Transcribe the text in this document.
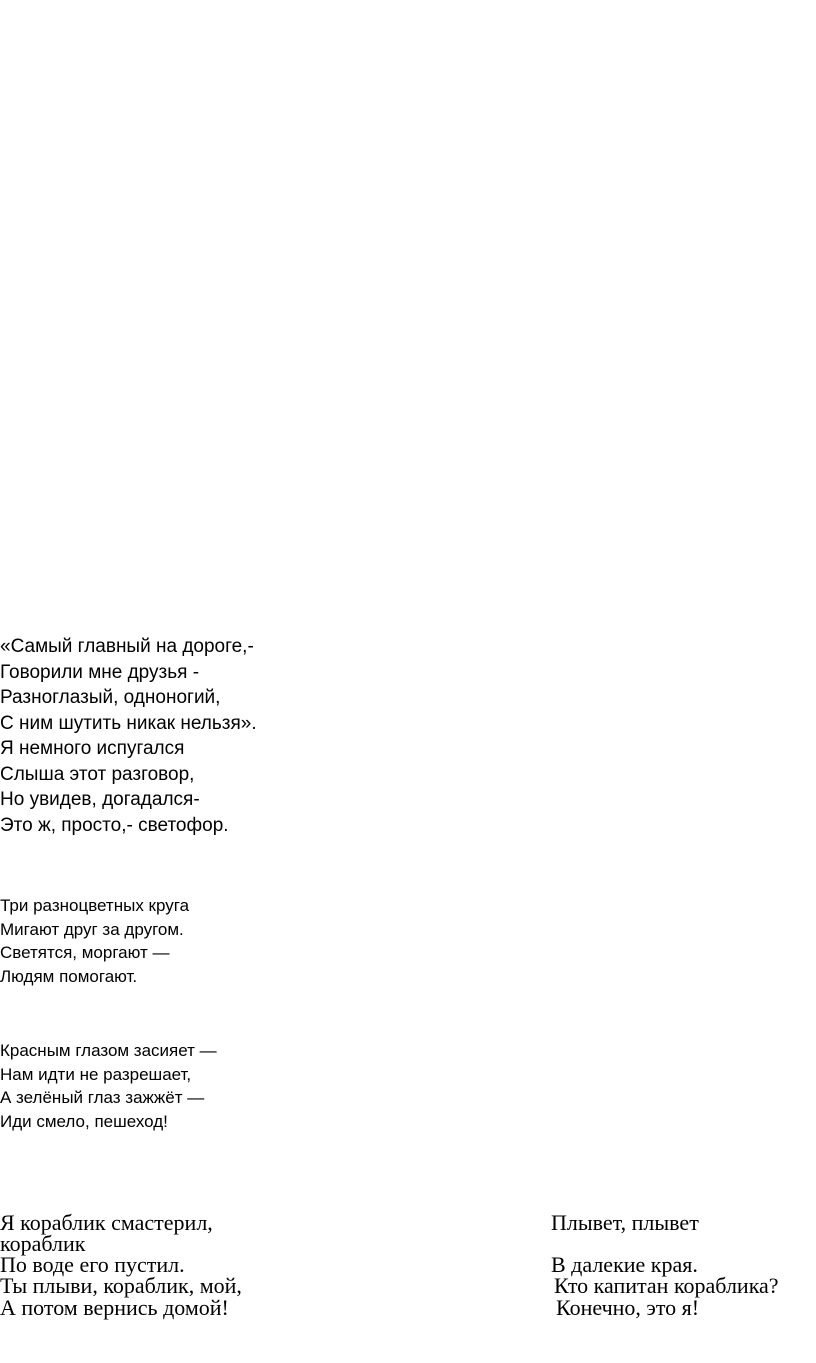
«Самый главный на дороге,-
Говорили мне друзья -
Разноглазый, одноногий,
С ним шутить никак нельзя».
Я немного испугался
Слыша этот разговор,
Но увидев, догадался-
Это ж, просто,- светофор.
Три разноцветных круга
Мигают друг за другом.
Светятся, моргают —
Людям помогают.
Красным глазом засияет —
Нам идти не разрешает,
А зелёный глаз зажжёт —
Иди смело, пешеход!
Я кораблик смастерил,
кораблик
По воде его пустил.
Ты плыви, кораблик, мой,
А потом вернись домой!
Плывет, плывет
В далекие края.
Кто капитан кораблика?
Конечно, это я!
